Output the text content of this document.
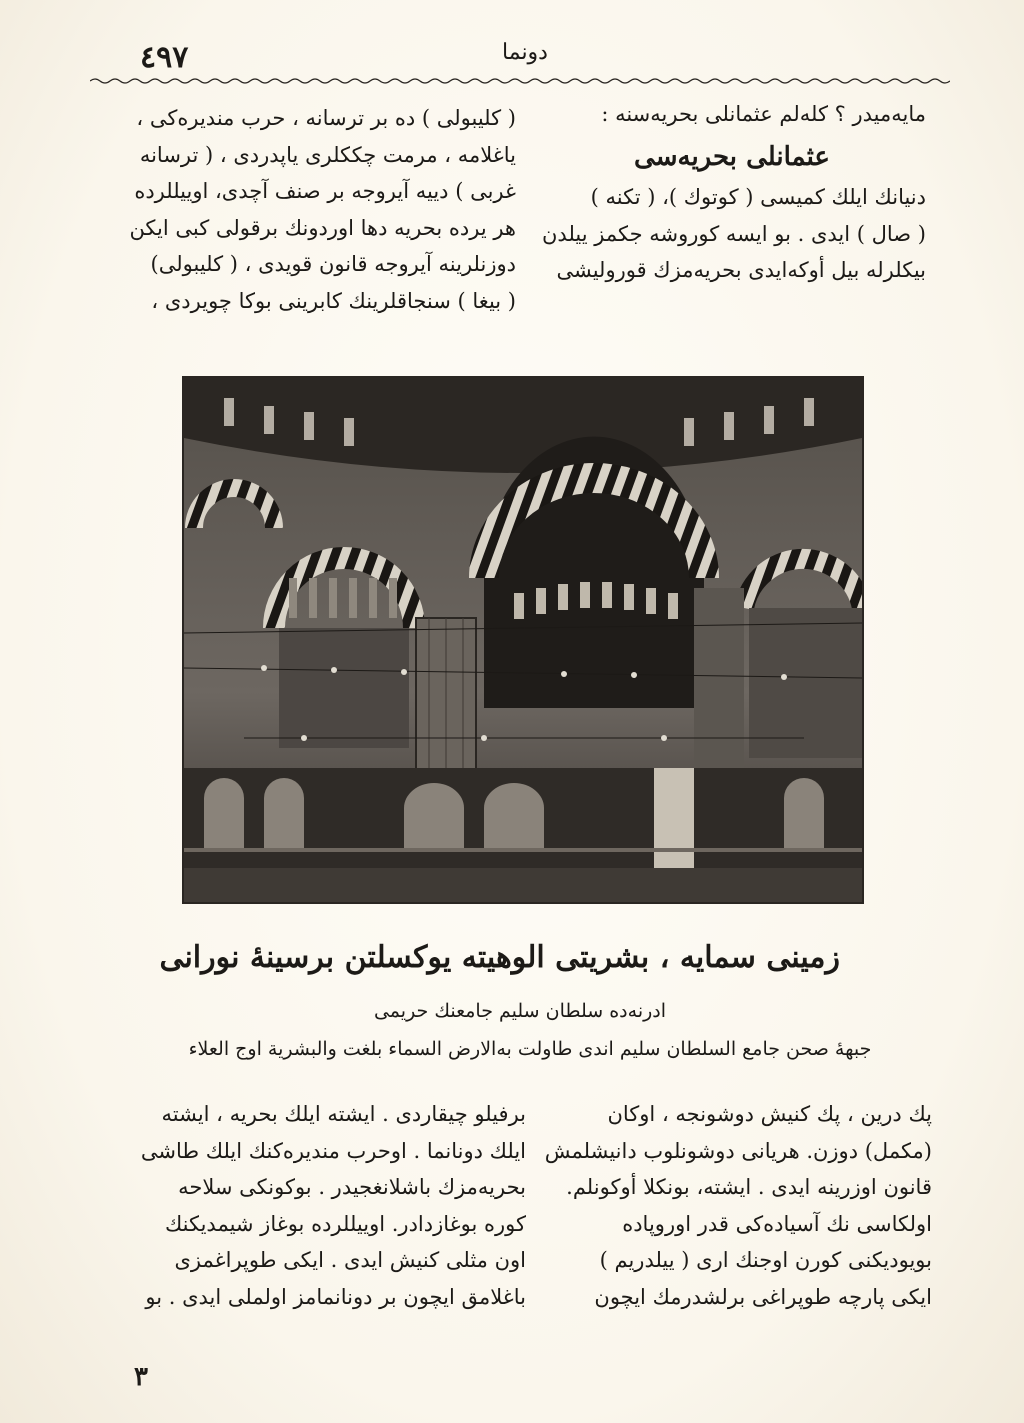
٤٩٧	دونما

مایەمیدر ؟ کلەلم عثمانلی بحریەسنە :

عثمانلی بحریەسی

دنیانك ایلك کمیسی ( کوتوك )، ( تکنە )

( صال ) ایدی . بو ایسە کوروشە جکمز ییلدن

بیکلرلە بیل أوکەایدی بحریەمزك قورولیشی

( کلیبولی ) دە بر ترسانە ، حرب مندیرەکی ،

یاغلامە ، مرمت چککلری یاپدردی ، ( ترسانە

غربی ) دییە آیروجە بر صنف آچدی، اوییللردە

هر یردە بحریە دها اوردونك برقولی کبی ایکن

دوزنلرینە آیروجە قانون قویدی ، ( کلیبولی)

( بیغا ) سنجاقلرینك کابرینی بوکا چویردی ،

زمینی سمایە ، بشریتی الوهیتە یوکسلتن برسینۀ نورانی
ادرنەدە سلطان سلیم جامعنك حریمی
جبهۀ صحن جامع السلطان سلیم اندی طاولت بەالارض السماء بلغت والبشریة اوج العلاء

پك درین ، پك کنیش دوشونجە ، اوکان

(مکمل) دوزن. هریانی دوشونلوب دانیشلمش

قانون اوزرینە ایدی . ایشتە، بونکلا أوکونلم.

اولکاسی نك آسیادەکی قدر اوروپادە

بویودیکنی کورن اوجنك اری ( ییلدریم )

ایکی پارچە طوپراغی برلشدرمك ایچون

برفیلو چیقاردی . ایشتە ایلك بحریە ، ایشتە

ایلك دونانما . اوحرب مندیرەکنك ایلك طاشی

بحریەمزك باشلانغجیدر . بوکونکی سلاحە

کورە بوغازدادر. اوییللردە بوغاز شیمدیکنك

اون مثلی کنیش ایدی . ایکی طوپراغمزی

باغلامق ایچون بر دونانمامز اولملی ایدی . بو

٣
